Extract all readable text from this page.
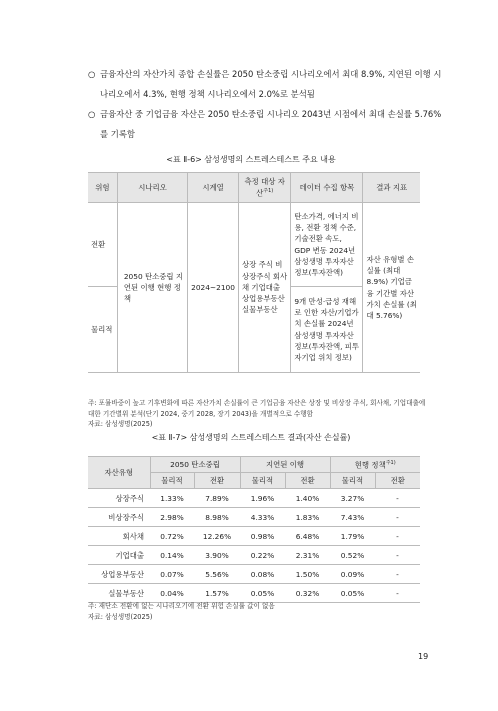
○ 금융자산의 자산가치 종합 손실률은 2050 탄소중립 시나리오에서 최대 8.9%, 지연된 이행 시나리오에서 4.3%, 현행 정책 시나리오에서 2.0%로 분석됨
○ 금융자산 중 기업금융 자산은 2050 탄소중립 시나리오 2043년 시점에서 최대 손실률 5.76%를 기록함
<표 Ⅱ-6> 삼성생명의 스트레스테스트 주요 내용
위험	시나리오	시계열	측정 대상 자산$^{주1)}$	데이터 수집 항목	결과 지표
전환	2050 탄소중립 지연된 이행 현행 정책	2024~2100	상장 주식 비상장주식 회사채 기업대출 상업용부동산 실물부동산	탄소가격, 에너지 비용, 전환 정책 수준, 기술전환 속도, GDP 변동 2024년 삼성생명 투자자산 정보(투자잔액)	자산 유형별 손실률 (최대 8.9%) 기업금융 기간별 자산가치 손실률 (최대 5.76%)
물리적				9개 만성·급성 재해로 인한 자산/기업가치 손실률 2024년 삼성생명 투자자산 정보(투자잔액, 피투자기업 위치 정보)	
주: 포뮬바중이 높고 기후변화에 따른 자산가치 손실률이 큰 기업금융 자산은 상장 및 비상장 주식, 회사채, 기업대출에 대한 기간별위 분석(단기 2024, 중기 2028, 장기 2043)을 개별적으로 수행함
자료: 삼성생명(2025)
<표 Ⅱ-7> 삼성생명의 스트레스테스트 결과(자산 손실률)
자산유형	2050 탄소중립		지연된 이행		현행 정책$^{주1)}$
	물리적	전환	물리적	전환	물리적	전환
상장주식	1.33%	7.89%	1.96%	1.40%	3.27%	-
비상장주식	2.98%	8.98%	4.33%	1.83%	7.43%	-
회사채	0.72%	12.26%	0.98%	6.48%	1.79%	-
기업대출	0.14%	3.90%	0.22%	2.31%	0.52%	-
상업용부동산	0.07%	5.56%	0.08%	1.50%	0.09%	-
실물부동산	0.04%	1.57%	0.05%	0.32%	0.05%	-
주: 재단소 전환에 없는 시나리오기에 전환 위험 손실률 값이 없음
자료: 삼성생명(2025)
19
